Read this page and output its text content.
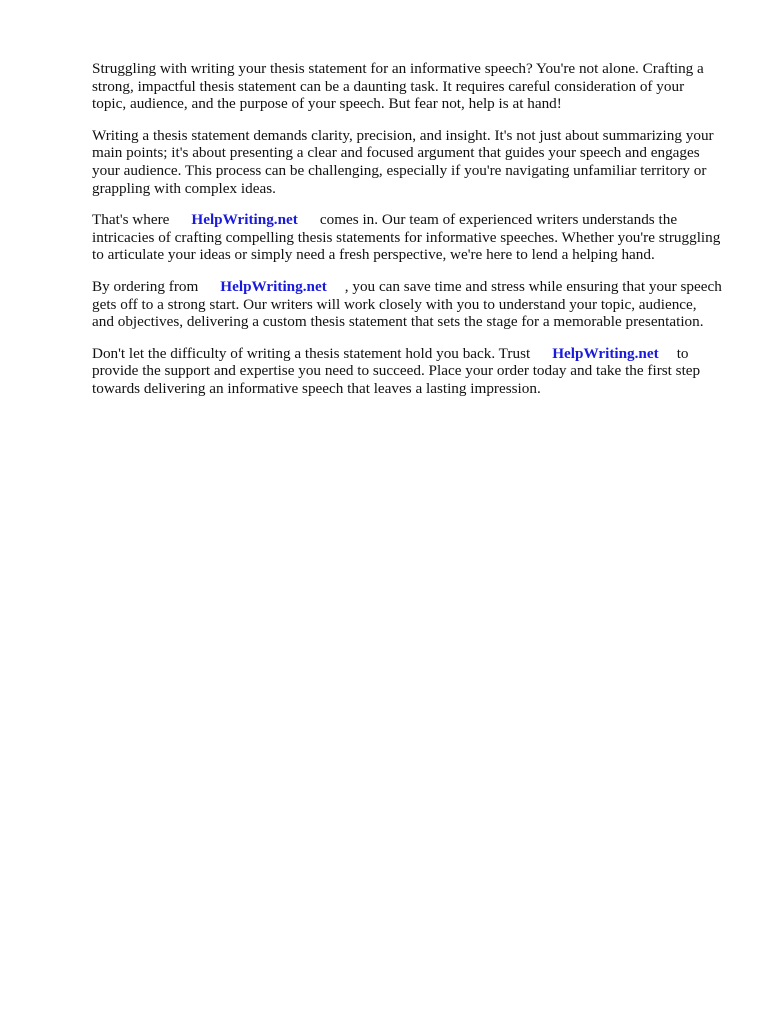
Struggling with writing your thesis statement for an informative speech? You're not alone. Crafting a strong, impactful thesis statement can be a daunting task. It requires careful consideration of your topic, audience, and the purpose of your speech. But fear not, help is at hand!

Writing a thesis statement demands clarity, precision, and insight. It's not just about summarizing your main points; it's about presenting a clear and focused argument that guides your speech and engages your audience. This process can be challenging, especially if you're navigating unfamiliar territory or grappling with complex ideas.

That's where HelpWriting.net comes in. Our team of experienced writers understands the intricacies of crafting compelling thesis statements for informative speeches. Whether you're struggling to articulate your ideas or simply need a fresh perspective, we're here to lend a helping hand.

By ordering from HelpWriting.net , you can save time and stress while ensuring that your speech gets off to a strong start. Our writers will work closely with you to understand your topic, audience, and objectives, delivering a custom thesis statement that sets the stage for a memorable presentation.

Don't let the difficulty of writing a thesis statement hold you back. Trust HelpWriting.net to provide the support and expertise you need to succeed. Place your order today and take the first step towards delivering an informative speech that leaves a lasting impression.
